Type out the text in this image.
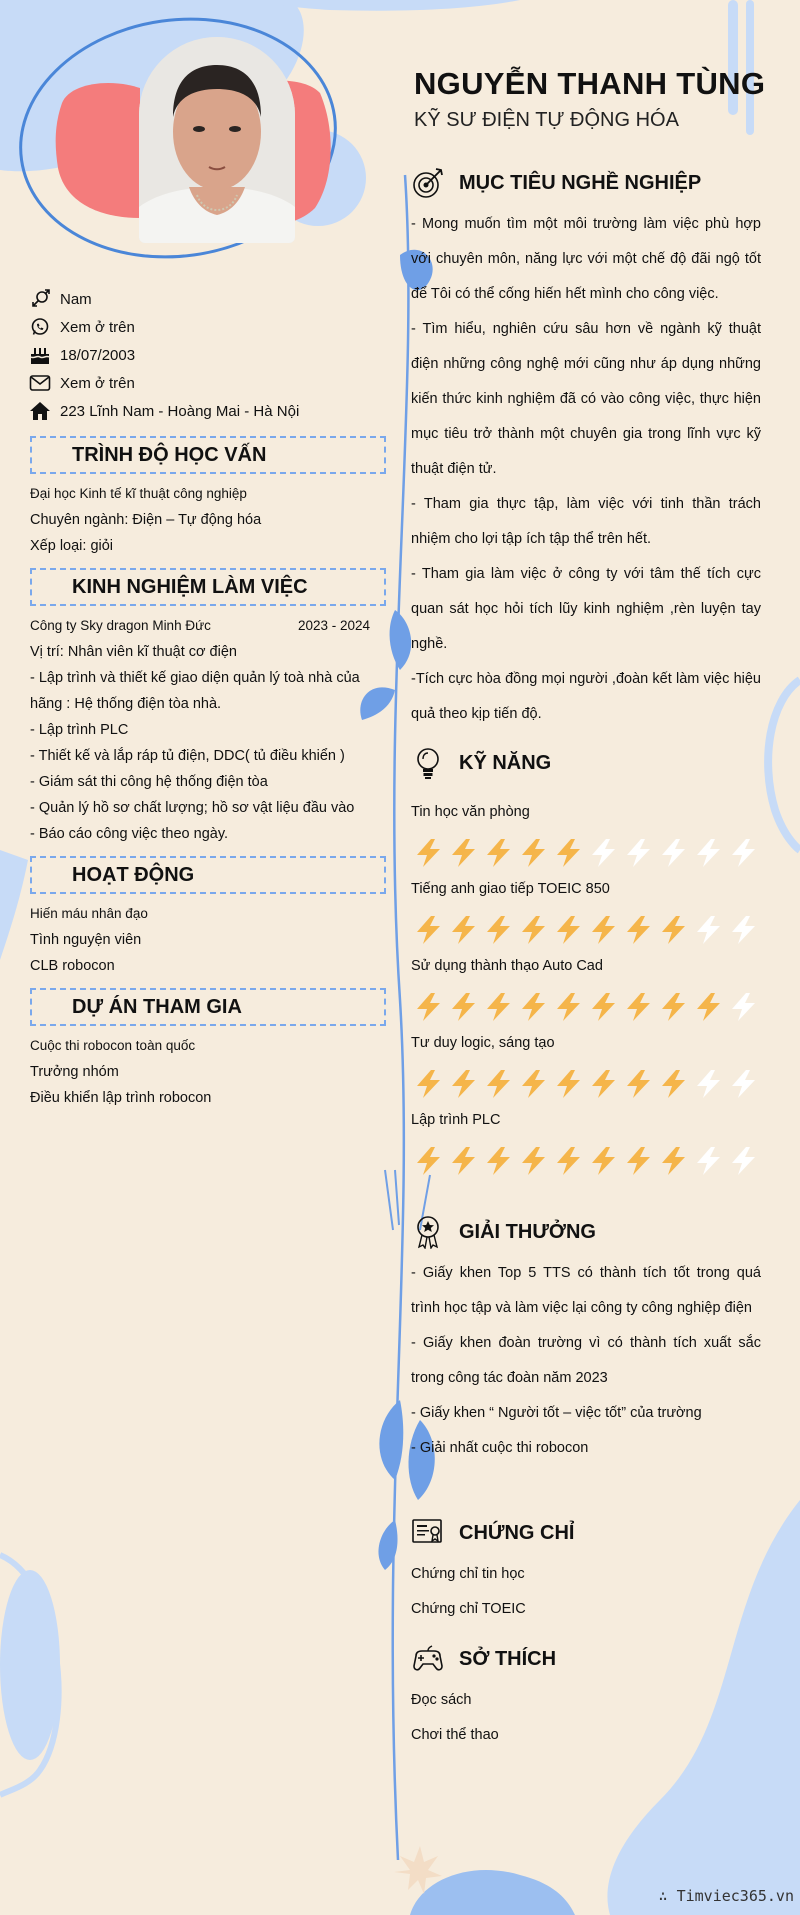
NGUYỄN THANH TÙNG
KỸ SƯ ĐIỆN TỰ ĐỘNG HÓA
Nam
Xem ở trên
18/07/2003
Xem ở trên
223 Lĩnh Nam - Hoàng Mai - Hà Nội
TRÌNH ĐỘ HỌC VẤN
Đại học Kinh tế kĩ thuật công nghiệp
Chuyên ngành: Điện – Tự động hóa
Xếp loại: giỏi
KINH NGHIỆM LÀM VIỆC
Công ty Sky dragon Minh Đức	2023 - 2024
Vị trí: Nhân viên kĩ thuật cơ điện
- Lập trình và thiết kế giao diện quản lý toà nhà của hãng : Hệ thống điện tòa nhà.
- Lập trình PLC
- Thiết kế và lắp ráp tủ điện, DDC( tủ điều khiển )
- Giám sát thi công hệ thống điện tòa
- Quản lý hồ sơ chất lượng; hồ sơ vật liệu đầu vào
- Báo cáo công việc theo ngày.
HOẠT ĐỘNG
Hiến máu nhân đạo
Tình nguyện viên
CLB robocon
DỰ ÁN THAM GIA
Cuộc thi robocon toàn quốc
Trưởng nhóm
Điều khiển lập trình robocon
MỤC TIÊU NGHỀ NGHIỆP

- Mong muốn tìm một môi trường làm việc phù hợp với chuyên môn, năng lực với một chế độ đãi ngộ tốt để Tôi có thể cống hiến hết mình cho công việc.

- Tìm hiểu, nghiên cứu sâu hơn về ngành kỹ thuật điện những công nghệ mới cũng như áp dụng những kiến thức kinh nghiệm đã có vào công việc, thực hiện mục tiêu trở thành một chuyên gia trong lĩnh vực kỹ thuật điện tử.

- Tham gia thực tập, làm việc với tinh thần trách nhiệm cho lợi tập ích tập thể trên hết.

- Tham gia làm việc ở công ty với tâm thế tích cực quan sát học hỏi tích lũy kinh nghiệm ,rèn luyện tay nghề.

-Tích cực hòa đồng mọi người ,đoàn kết làm việc hiệu quả theo kịp tiến độ.

KỸ NĂNG
Tin học văn phòng
Tiếng anh giao tiếp TOEIC 850
Sử dụng thành thạo Auto Cad
Tư duy logic, sáng tạo
Lập trình PLC
GIẢI THƯỞNG

- Giấy khen Top 5 TTS có thành tích tốt trong quá trình học tập và làm việc lại công ty công nghiệp điện

- Giấy khen đoàn trường vì có thành tích xuất sắc trong công tác đoàn năm 2023

- Giấy khen “ Người tốt – việc tốt” của trường

- Giải nhất cuộc thi robocon

CHỨNG CHỈ

Chứng chỉ tin học

Chứng chỉ TOEIC

SỞ THÍCH

Đọc sách

Chơi thể thao

∴ Timviec365.vn
